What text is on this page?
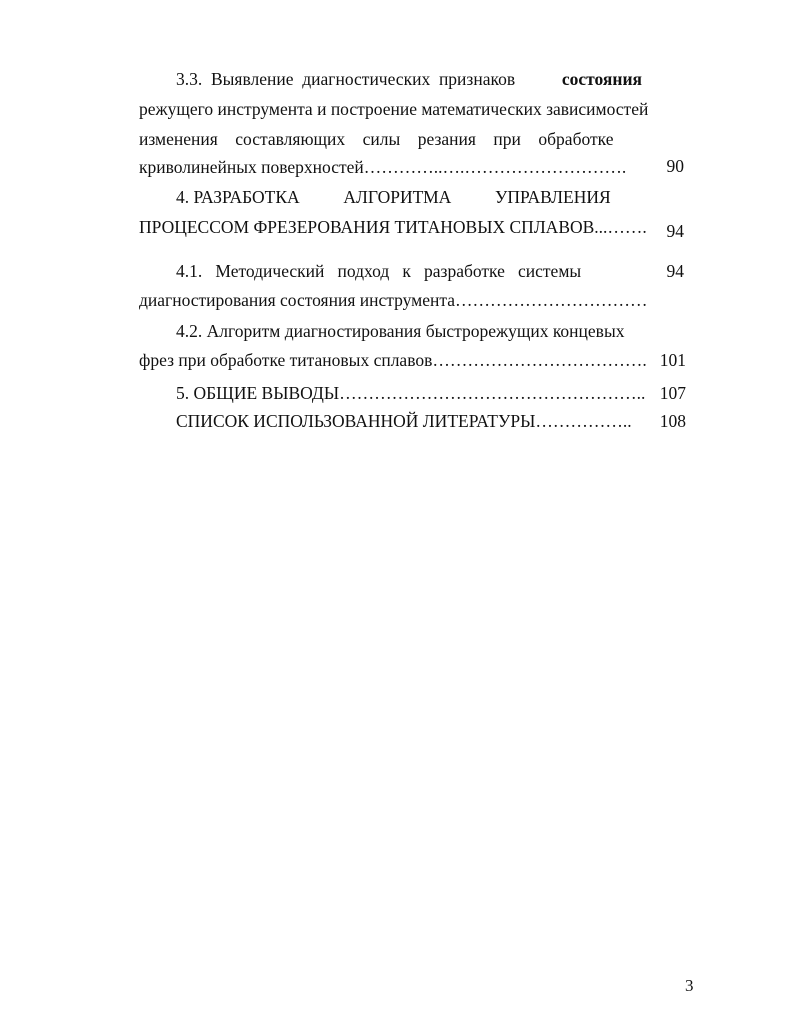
3.3.  Выявление  диагностических  признаков	состояния
режущего инструмента и построение математических зависимостей
изменения    составляющих    силы    резания    при    обработке
криволинейных поверхностей…………..….……………………….	90
4. РАЗРАБОТКА          АЛГОРИТМА          УПРАВЛЕНИЯ
ПРОЦЕССОМ ФРЕЗЕРОВАНИЯ ТИТАНОВЫХ СПЛАВОВ...…….	94
4.1.   Методический   подход   к   разработке   системы	94
диагностирования состояния инструмента……………………………
4.2. Алгоритм диагностирования быстрорежущих концевых
фрез при обработке титановых сплавов………………………………. 101
5. ОБЩИЕ ВЫВОДЫ…………………………………………….. 107
СПИСОК ИСПОЛЬЗОВАННОЙ ЛИТЕРАТУРЫ……………..	108
3
